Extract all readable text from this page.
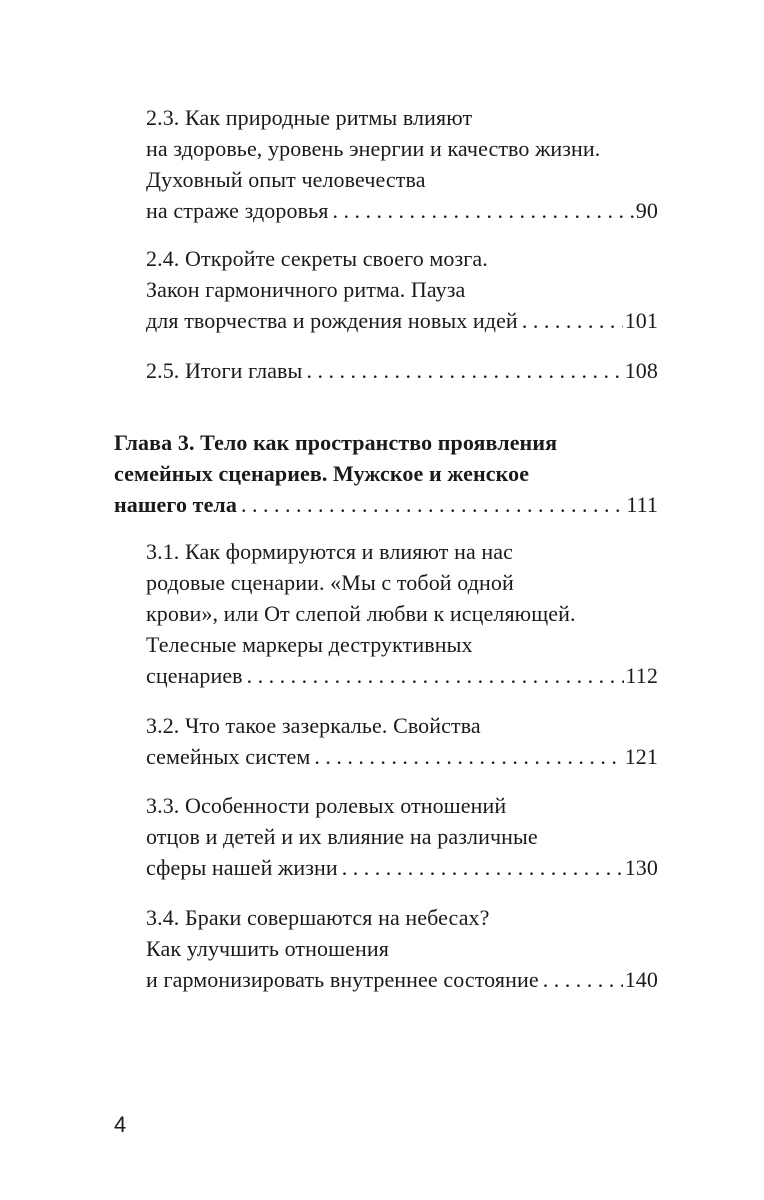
2.3. Как природные ритмы влияют
на здоровье, уровень энергии и качество жизни.
Духовный опыт человечества
на страже здоровья . . .	90
2.4. Откройте секреты своего мозга.
Закон гармоничного ритма. Пауза
для творчества и рождения новых идей . . .	101
2.5. Итоги главы . . .	108
Глава 3. Тело как пространство проявления
семейных сценариев. Мужское и женское
нашего тела . . .	111
3.1. Как формируются и влияют на нас
родовые сценарии. «Мы с тобой одной
крови», или От слепой любви к исцеляющей.
Телесные маркеры деструктивных
сценариев . . .	112
3.2. Что такое зазеркалье. Свойства
семейных систем . . .	121
3.3. Особенности ролевых отношений
отцов и детей и их влияние на различные
сферы нашей жизни . . .	130
3.4. Браки совершаются на небесах?
Как улучшить отношения
и гармонизировать внутреннее состояние . . .	140
4
